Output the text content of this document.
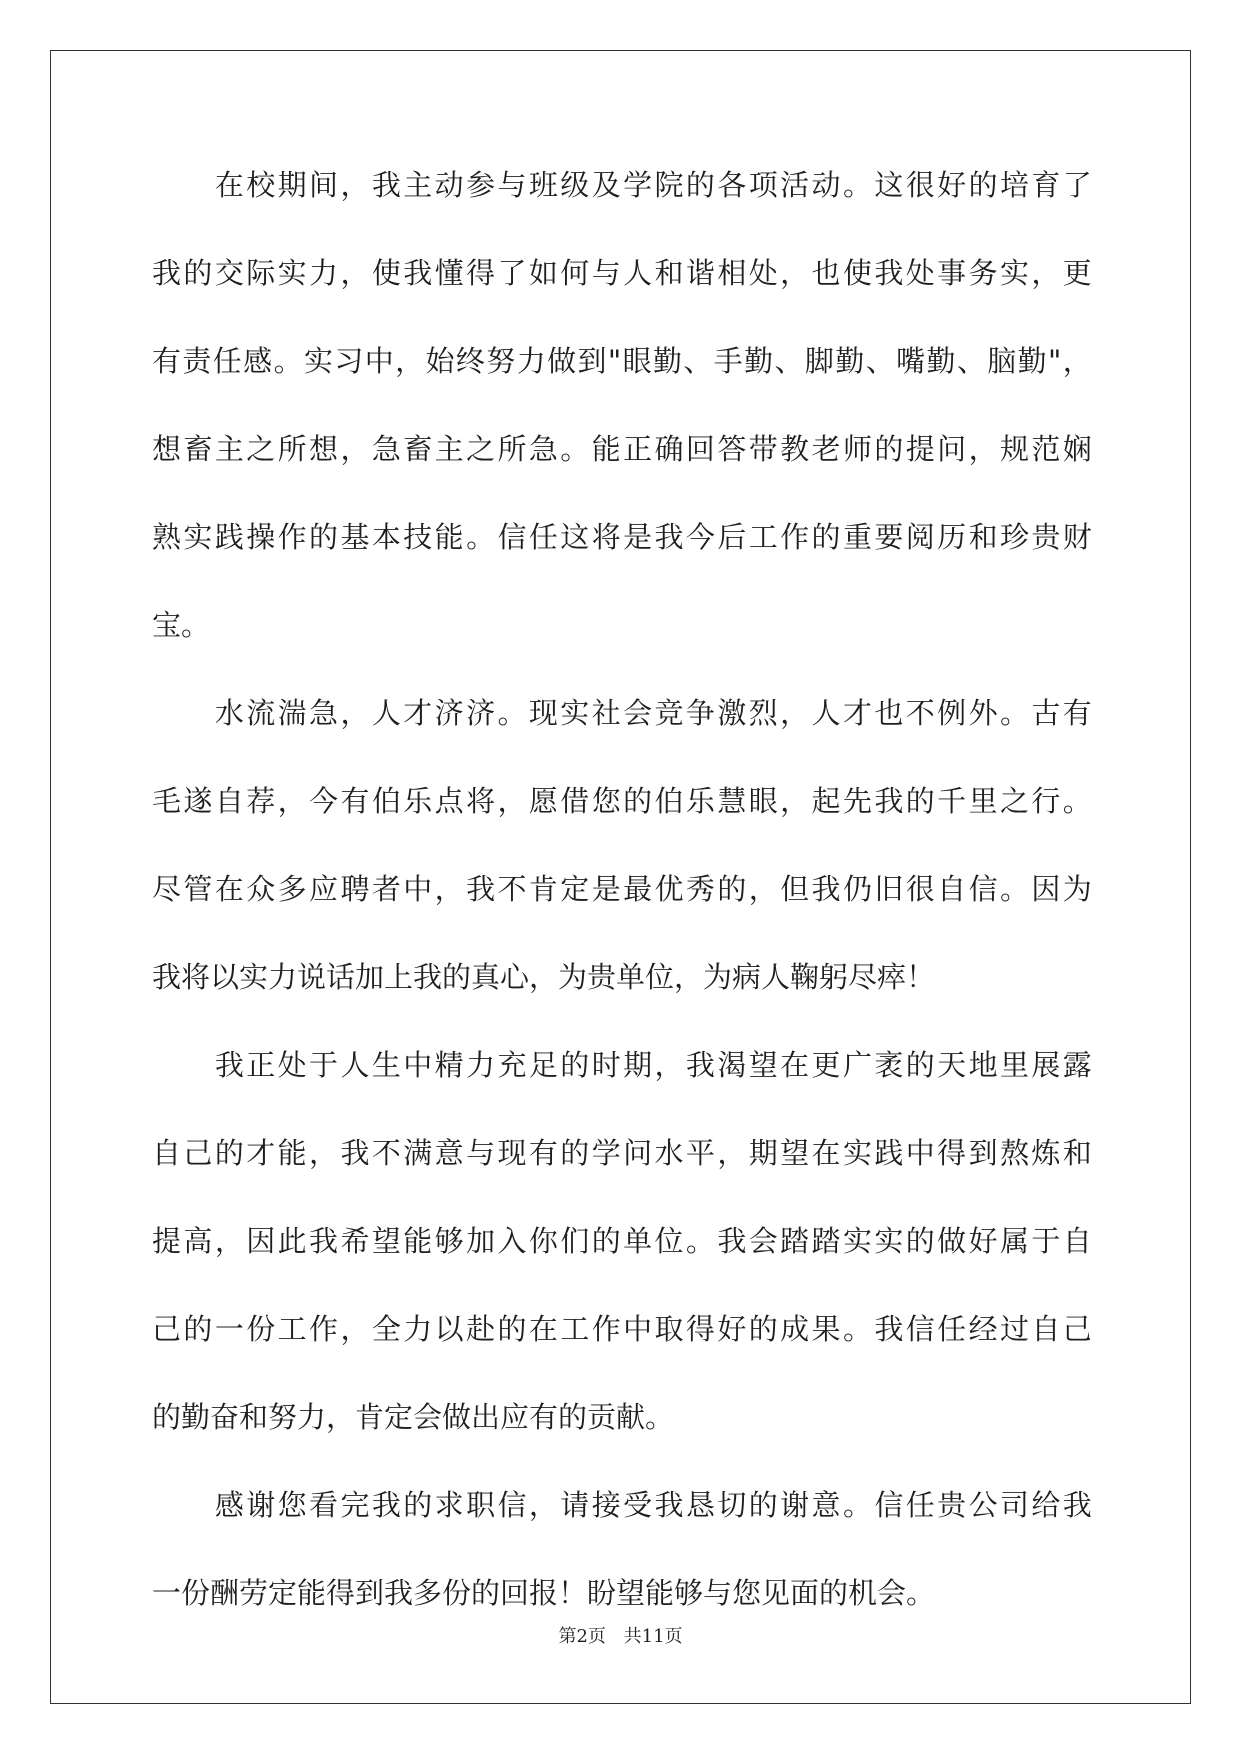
在 校 期 间 ， 我 主 动 参 与 班 级 及 学 院 的 各 项 活 动 。 这 很 好 的 培 育 了
我 的 交 际 实 力 ， 使 我 懂 得 了 如 何 与 人 和 谐 相 处 ， 也 使 我 处 事 务 实 ， 更
有 责 任 感 。 实 习 中 ， 始 终 努 力 做 到 " 眼 勤 、 手 勤 、 脚 勤 、 嘴 勤 、 脑 勤 " ，
想 畜 主 之 所 想 ， 急 畜 主 之 所 急 。 能 正 确 回 答 带 教 老 师 的 提 问 ， 规 范 娴
熟 实 践 操 作 的 基 本 技 能 。 信 任 这 将 是 我 今 后 工 作 的 重 要 阅 历 和 珍 贵 财
宝。

水 流 湍 急 ， 人 才 济 济 。 现 实 社 会 竞 争 激 烈 ， 人 才 也 不 例 外 。 古 有
毛 遂 自 荐 ， 今 有 伯 乐 点 将 ， 愿 借 您 的 伯 乐 慧 眼 ， 起 先 我 的 千 里 之 行 。
尽 管 在 众 多 应 聘 者 中 ， 我 不 肯 定 是 最 优 秀 的 ， 但 我 仍 旧 很 自 信 。 因 为
我将以实力说话加上我的真心，为贵单位，为病人鞠躬尽瘁！

我 正 处 于 人 生 中 精 力 充 足 的 时 期 ， 我 渴 望 在 更 广 袤 的 天 地 里 展 露
自 己 的 才 能 ， 我 不 满 意 与 现 有 的 学 问 水 平 ， 期 望 在 实 践 中 得 到 熬 炼 和
提 高 ， 因 此 我 希 望 能 够 加 入 你 们 的 单 位 。 我 会 踏 踏 实 实 的 做 好 属 于 自
己 的 一 份 工 作 ， 全 力 以 赴 的 在 工 作 中 取 得 好 的 成 果 。 我 信 任 经 过 自 己
的勤奋和努力，肯定会做出应有的贡献。

感 谢 您 看 完 我 的 求 职 信 ， 请 接 受 我 恳 切 的 谢 意 。 信 任 贵 公 司 给 我
一份酬劳定能得到我多份的回报！盼望能够与您见面的机会。
第2页 共11页
